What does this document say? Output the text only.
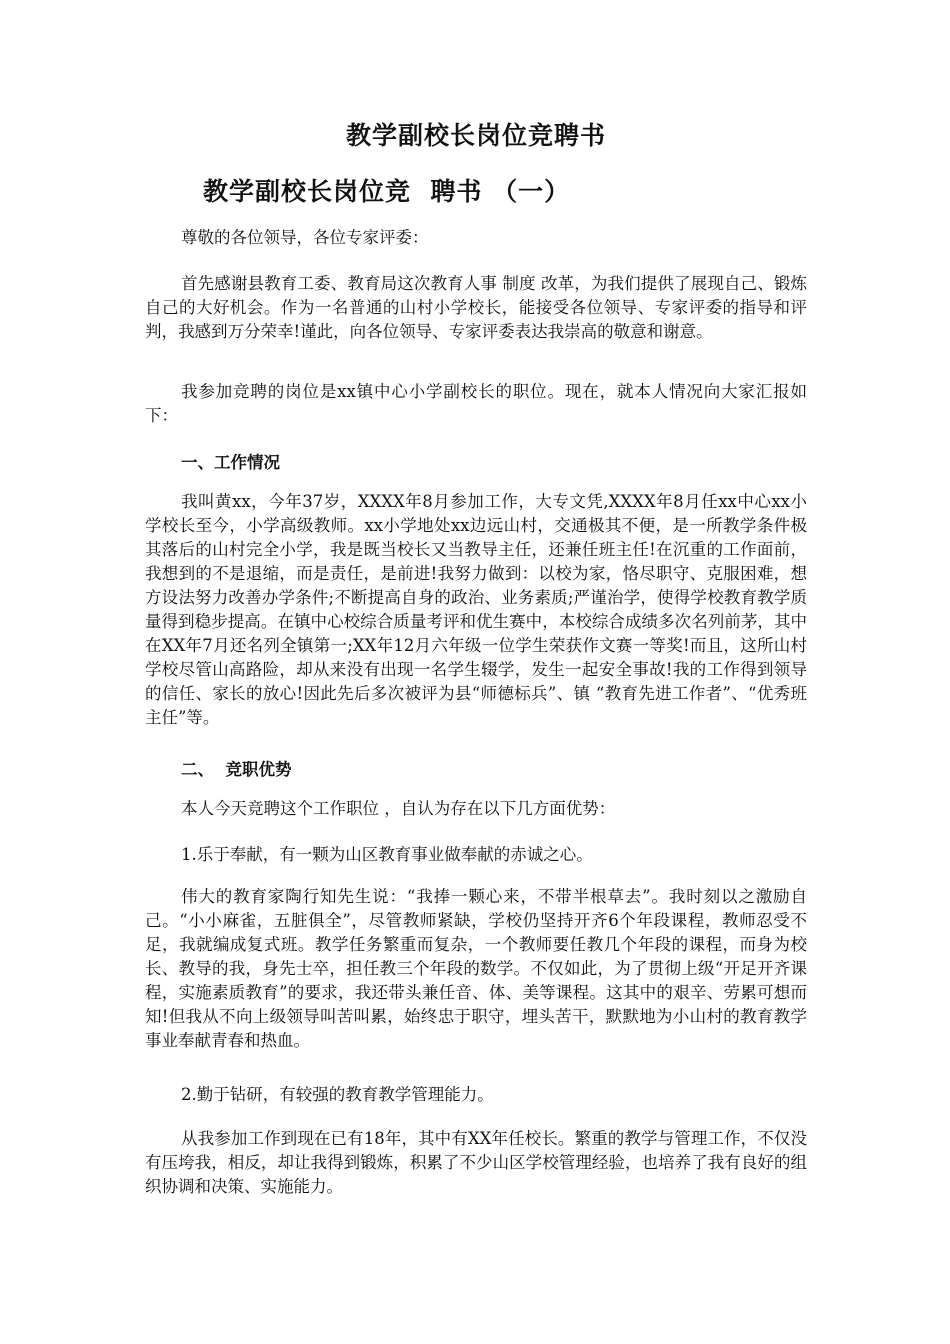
教学副校长岗位竞聘书
教学副校长岗位竞  聘书 （一）
尊敬的各位领导，各位专家评委：
首先感谢县教育工委、教育局这次教育人事 制度 改革，为我们提供了展现自己、锻炼自己的大好机会。作为一名普通的山村小学校长，能接受各位领导、专家评委的指导和评判，我感到万分荣幸!谨此，向各位领导、专家评委表达我崇高的敬意和谢意。
我参加竞聘的岗位是xx镇中心小学副校长的职位。现在，就本人情况向大家汇报如下：
一、工作情况
我叫黄xx，今年37岁，XXXX年8月参加工作，大专文凭,XXXX年8月任xx中心xx小学校长至今，小学高级教师。xx小学地处xx边远山村，交通极其不便，是一所教学条件极其落后的山村完全小学，我是既当校长又当教导主任，还兼任班主任!在沉重的工作面前，我想到的不是退缩，而是责任，是前进!我努力做到：以校为家，恪尽职守、克服困难，想方设法努力改善办学条件;不断提高自身的政治、业务素质;严谨治学，使得学校教育教学质量得到稳步提高。在镇中心校综合质量考评和优生赛中，本校综合成绩多次名列前茅，其中在XX年7月还名列全镇第一;XX年12月六年级一位学生荣获作文赛一等奖!而且，这所山村学校尽管山高路险，却从来没有出现一名学生辍学，发生一起安全事故!我的工作得到领导的信任、家长的放心!因此先后多次被评为县“师德标兵”、镇 “教育先进工作者”、“优秀班主任”等。
二、  竞职优势
本人今天竞聘这个工作职位 ，自认为存在以下几方面优势：
1.乐于奉献，有一颗为山区教育事业做奉献的赤诚之心。
伟大的教育家陶行知先生说：“我捧一颗心来，不带半根草去”。我时刻以之激励自己。“小小麻雀，五脏俱全”，尽管教师紧缺，学校仍坚持开齐6个年段课程，教师忍受不足，我就编成复式班。教学任务繁重而复杂，一个教师要任教几个年段的课程，而身为校长、教导的我，身先士卒，担任教三个年段的数学。不仅如此，为了贯彻上级“开足开齐课程，实施素质教育”的要求，我还带头兼任音、体、美等课程。这其中的艰辛、劳累可想而知!但我从不向上级领导叫苦叫累，始终忠于职守，埋头苦干，默默地为小山村的教育教学事业奉献青春和热血。
2.勤于钻研，有较强的教育教学管理能力。
从我参加工作到现在已有18年，其中有XX年任校长。繁重的教学与管理工作，不仅没有压垮我，相反，却让我得到锻炼，积累了不少山区学校管理经验，也培养了我有良好的组织协调和决策、实施能力。
